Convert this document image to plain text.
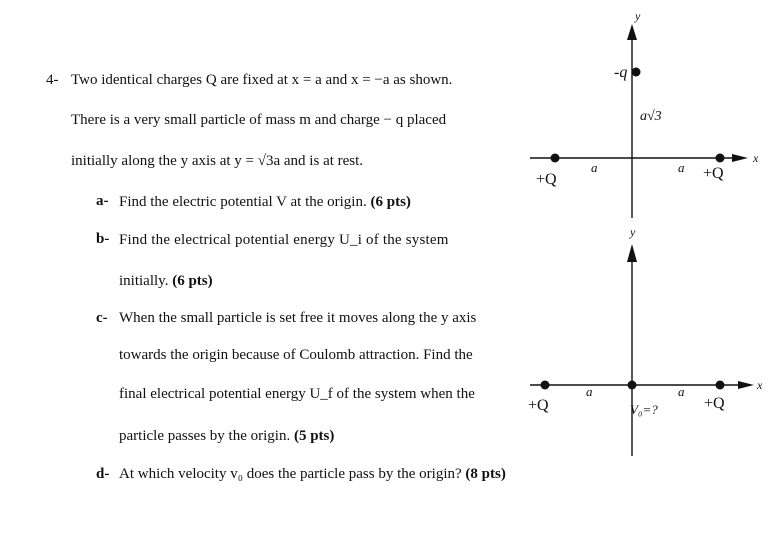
4- Two identical charges Q are fixed at x = a and x = −a as shown.
There is a very small particle of mass m and charge − q placed
initially along the y axis at y = √3a and is at rest.
a- Find the electric potential V at the origin. (6 pts)
b- Find the electrical potential energy U_i of the system
initially. (6 pts)
c- When the small particle is set free it moves along the y axis
towards the origin because of Coulomb attraction. Find the
final electrical potential energy U_f of the system when the
particle passes by the origin. (5 pts)
d- At which velocity v₀ does the particle pass by the origin? (8 pts)
y
x
-q
a√3
+Q	+Q
a	a
y
x
+Q	+Q
a	a
V₀=?
